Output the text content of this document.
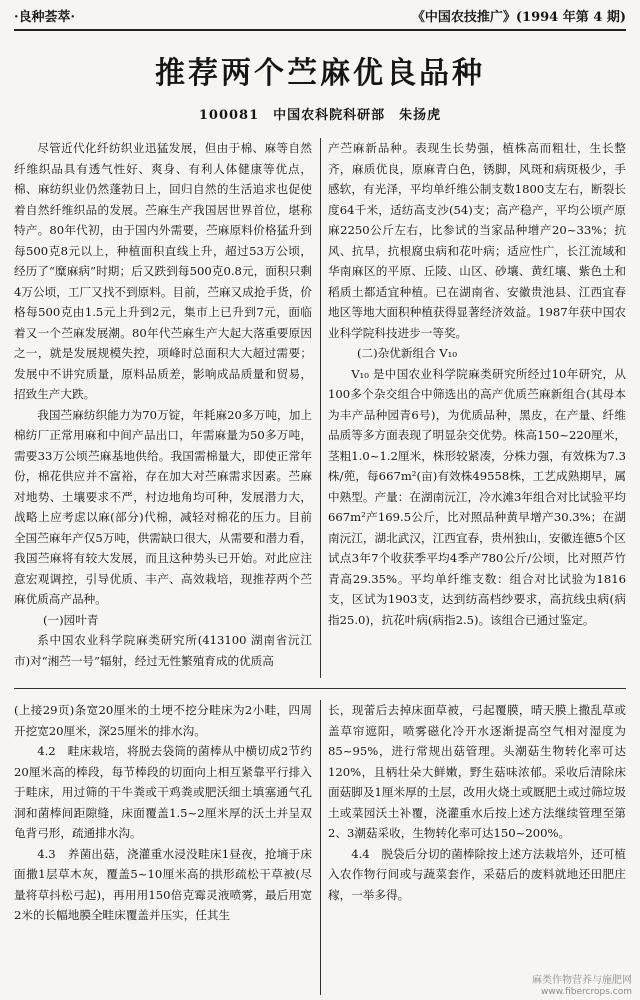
·良种荟萃·	《中国农技推广》(1994 年第 4 期)
推荐两个苎麻优良品种
100081　中国农科院科研部　朱扬虎

尽管近代化纤纺织业迅猛发展，但由于棉、麻等自然纤维织品具有透气性好、爽身、有利人体健康等优点，棉、麻纺织业仍然蓬勃日上，回归自然的生活追求也促使着自然纤维织品的发展。苎麻生产我国居世界首位，堪称特产。80年代初，由于国内外需要，苎麻原料价格猛升到每500克8元以上，种植面积直线上升，超过53万公顷，经历了“糜麻病”时期；后又跌到每500克0.8元，面积只剩4万公顷，工厂又找不到原料。目前，苎麻又成抢手货，价格每500克由1.5元上升到2元，集市上已升到7元，面临着又一个苎麻发展潮。80年代苎麻生产大起大落重要原因之一，就是发展规模失控，项峰时总面积大大超过需要；发展中不讲究质量，原料品质差，影响成品质量和贸易，招致生产大跌。

我国苎麻纺织能力为70万锭，年耗麻20多万吨，加上棉纺厂正常用麻和中间产品出口，年需麻量为50多万吨，需要33万公顷苎麻基地供给。我国需棉量大，即使正常年份，棉花供应并不富裕，存在加大对苎麻需求因素。苎麻对地势、土壤要求不严，村边地角均可种，发展潜力大，战略上应考虑以麻(部分)代棉，减轻对棉花的压力。目前全国苎麻年产仅5万吨，供需缺口很大，从需要和潜力看，我国苎麻将有较大发展，而且这种势头已开始。对此应注意宏观调控，引导优质、丰产、高效栽培，现推荐两个苎麻优质高产品种。

(一)园叶青

系中国农业科学院麻类研究所(413100 湖南省沅江市)对“湘苎一号”辐射，经过无性繁殖育成的优质高

产苎麻新品种。表现生长势强，植株高而粗壮，生长整齐，麻质优良，原麻青白色，锈脚，风斑和病斑极少，手感软，有光泽，平均单纤维公制支数1800支左右，断裂长度64千米，适纺高支沙(54)支；高产稳产，平均公顷产原麻2250公斤左右，比参试的当家品种增产20~33%；抗风、抗旱，抗根腐虫病和花叶病；适应性广，长江流域和华南麻区的平原、丘陵、山区、砂壤、黄红壤、紫色土和稻质土都适宜种植。已在湖南省、安徽贵池县、江西宜春地区等地大面积种植获得显著经济效益。1987年获中国农业科学院科技进步一等奖。

(二)杂优新组合 V₁₀

V₁₀ 是中国农业科学院麻类研究所经过10年研究，从100多个杂交组合中筛选出的高产优质苎麻新组合(其母本为丰产品种园青6号)，为优质品种，黑皮，在产量、纤维品质等多方面表现了明显杂交优势。株高150~220厘米，茎粗1.0~1.2厘米，株形较紧凑，分株力强，有效株为7.3株/蔸，每667m²(亩)有效株49558株，工艺成熟期早，属中熟型。产量：在湖南沅江，冷水滩3年组合对比试验平均667m²产169.5公斤，比对照品种黄早增产30.3%；在湖南沅江，湖北武汉，江西宜春，贵州独山，安徽连德5个区试点3年7个收获季平均4季产780公斤/公顷，比对照芦竹青高29.35%。平均单纤维支数：组合对比试验为1816支，区试为1903支，达到纺高档纱要求，高抗线虫病(病指25.0)，抗花叶病(病指2.5)。该组合已通过鉴定。

(上接29页)条宽20厘米的土埂不挖分畦床为2小畦，四周开挖宽20厘米，深25厘米的排水沟。

4.2　畦床栽培，将脱去袋筒的菌棒从中横切成2节约20厘米高的棒段，每节棒段的切面向上相互紧靠平行排入于畦床，用过筛的干牛粪或干鸡粪或肥沃细土填塞通气孔洞和菌棒间距隙缝，床面覆盖1.5~2厘米厚的沃土并呈双龟背弓形，疏通排水沟。

4.3　养菌出菇，浇灌重水浸没畦床1昼夜，抢墒于床面撒1层草木灰，覆盖5~10厘米高的拱形疏松干草被(尽量将草抖松弓起)，再用用150倍克霉灵液喷雾，最后用宽2米的长幅地膜全畦床覆盖并压实，任其生

长，现蕾后去掉床面草被，弓起覆膜，晴天膜上撒乱草或盖草帘遮阳，喷雾磁化冷开水逐渐提高空气相对湿度为85~95%，进行常规出菇管理。头潮菇生物转化率可达120%，且柄壮朵大鲜嫩，野生菇味浓郁。采收后清除床面菇脚及1厘米厚的土层，改用火烧土或厩肥土或过筛垃圾土或菜园沃土补覆，浇灌重水后按上述方法继续管理至第2、3潮菇采收，生物转化率可达150~200%。

4.4　脱袋后分切的菌棒除按上述方法栽培外，还可植入农作物行间或与蔬菜套作，采菇后的废料就地还田肥庄稼，一举多得。

麻类作物营养与施肥网
www.fibercrops.com
